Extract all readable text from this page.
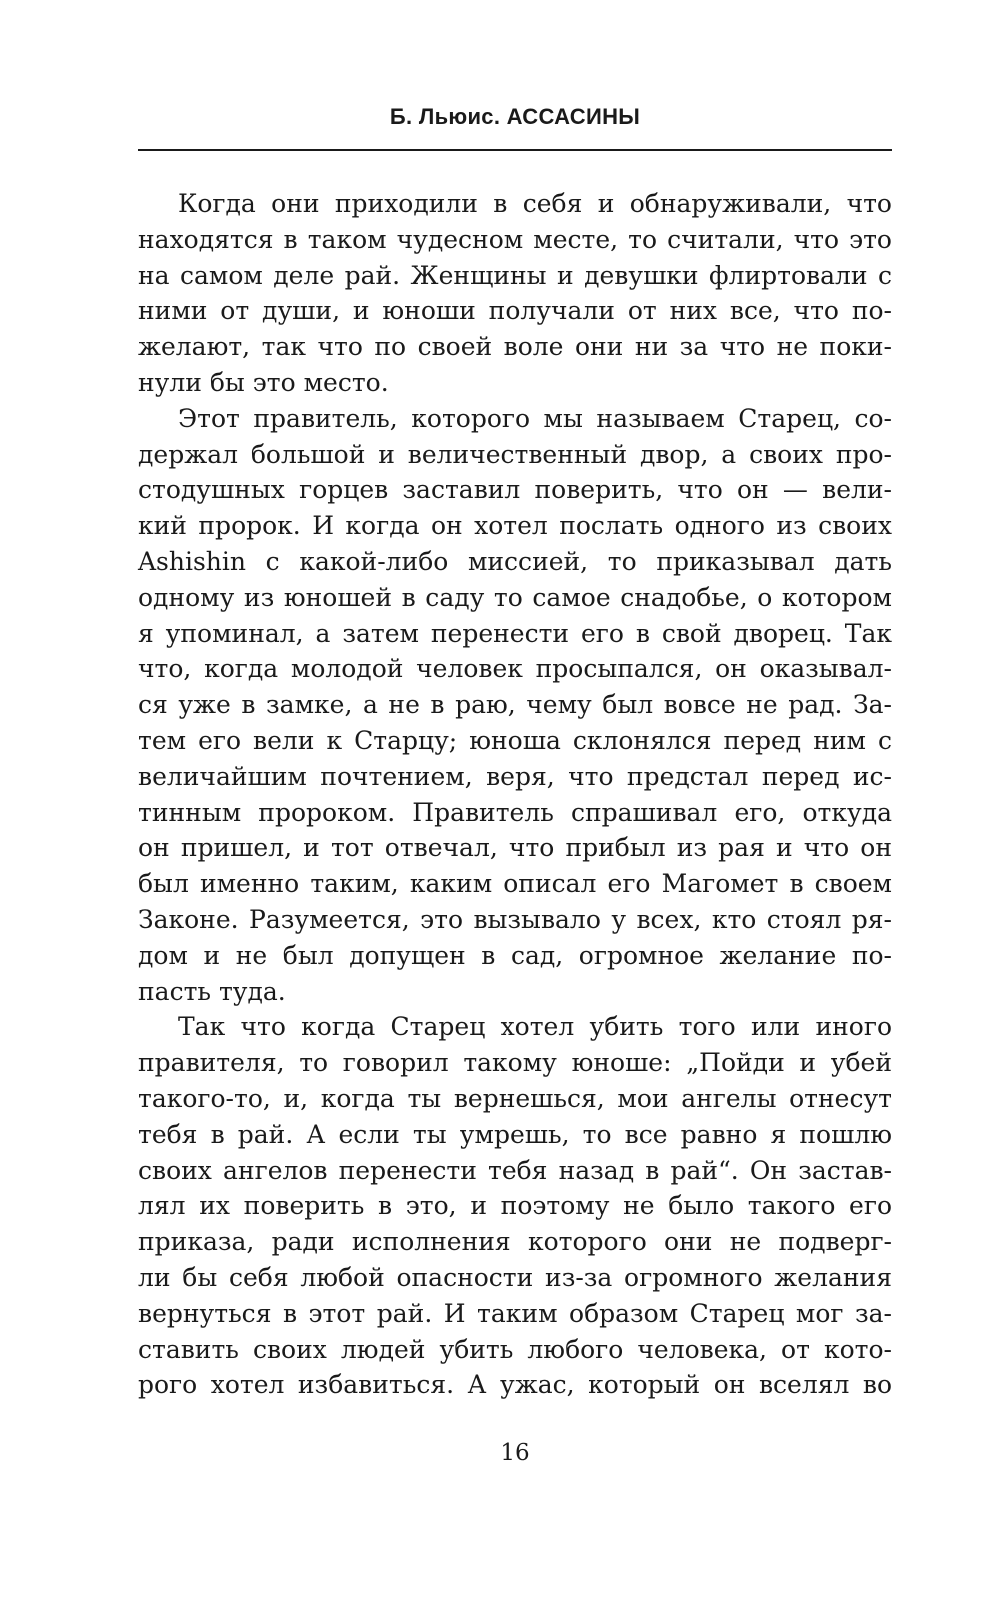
Б. Льюис. АССАСИНЫ
Когда они приходили в себя и обнаруживали, что
находятся в таком чудесном месте, то считали, что это
на самом деле рай. Женщины и девушки флиртовали с
ними от души, и юноши получали от них все, что по-
желают, так что по своей воле они ни за что не поки-
нули бы это место.
Этот правитель, которого мы называем Старец, со-
держал большой и величественный двор, а своих про-
стодушных горцев заставил поверить, что он — вели-
кий пророк. И когда он хотел послать одного из своих
Ashishin с какой-либо миссией, то приказывал дать
одному из юношей в саду то самое снадобье, о котором
я упоминал, а затем перенести его в свой дворец. Так
что, когда молодой человек просыпался, он оказывал-
ся уже в замке, а не в раю, чему был вовсе не рад. За-
тем его вели к Старцу; юноша склонялся перед ним с
величайшим почтением, веря, что предстал перед ис-
тинным пророком. Правитель спрашивал его, откуда
он пришел, и тот отвечал, что прибыл из рая и что он
был именно таким, каким описал его Магомет в своем
Законе. Разумеется, это вызывало у всех, кто стоял ря-
дом и не был допущен в сад, огромное желание по-
пасть туда.
Так что когда Старец хотел убить того или иного
правителя, то говорил такому юноше: „Пойди и убей
такого-то, и, когда ты вернешься, мои ангелы отнесут
тебя в рай. А если ты умрешь, то все равно я пошлю
своих ангелов перенести тебя назад в рай“. Он застав-
лял их поверить в это, и поэтому не было такого его
приказа, ради исполнения которого они не подверг-
ли бы себя любой опасности из-за огромного желания
вернуться в этот рай. И таким образом Старец мог за-
ставить своих людей убить любого человека, от кото-
рого хотел избавиться. А ужас, который он вселял во
16
